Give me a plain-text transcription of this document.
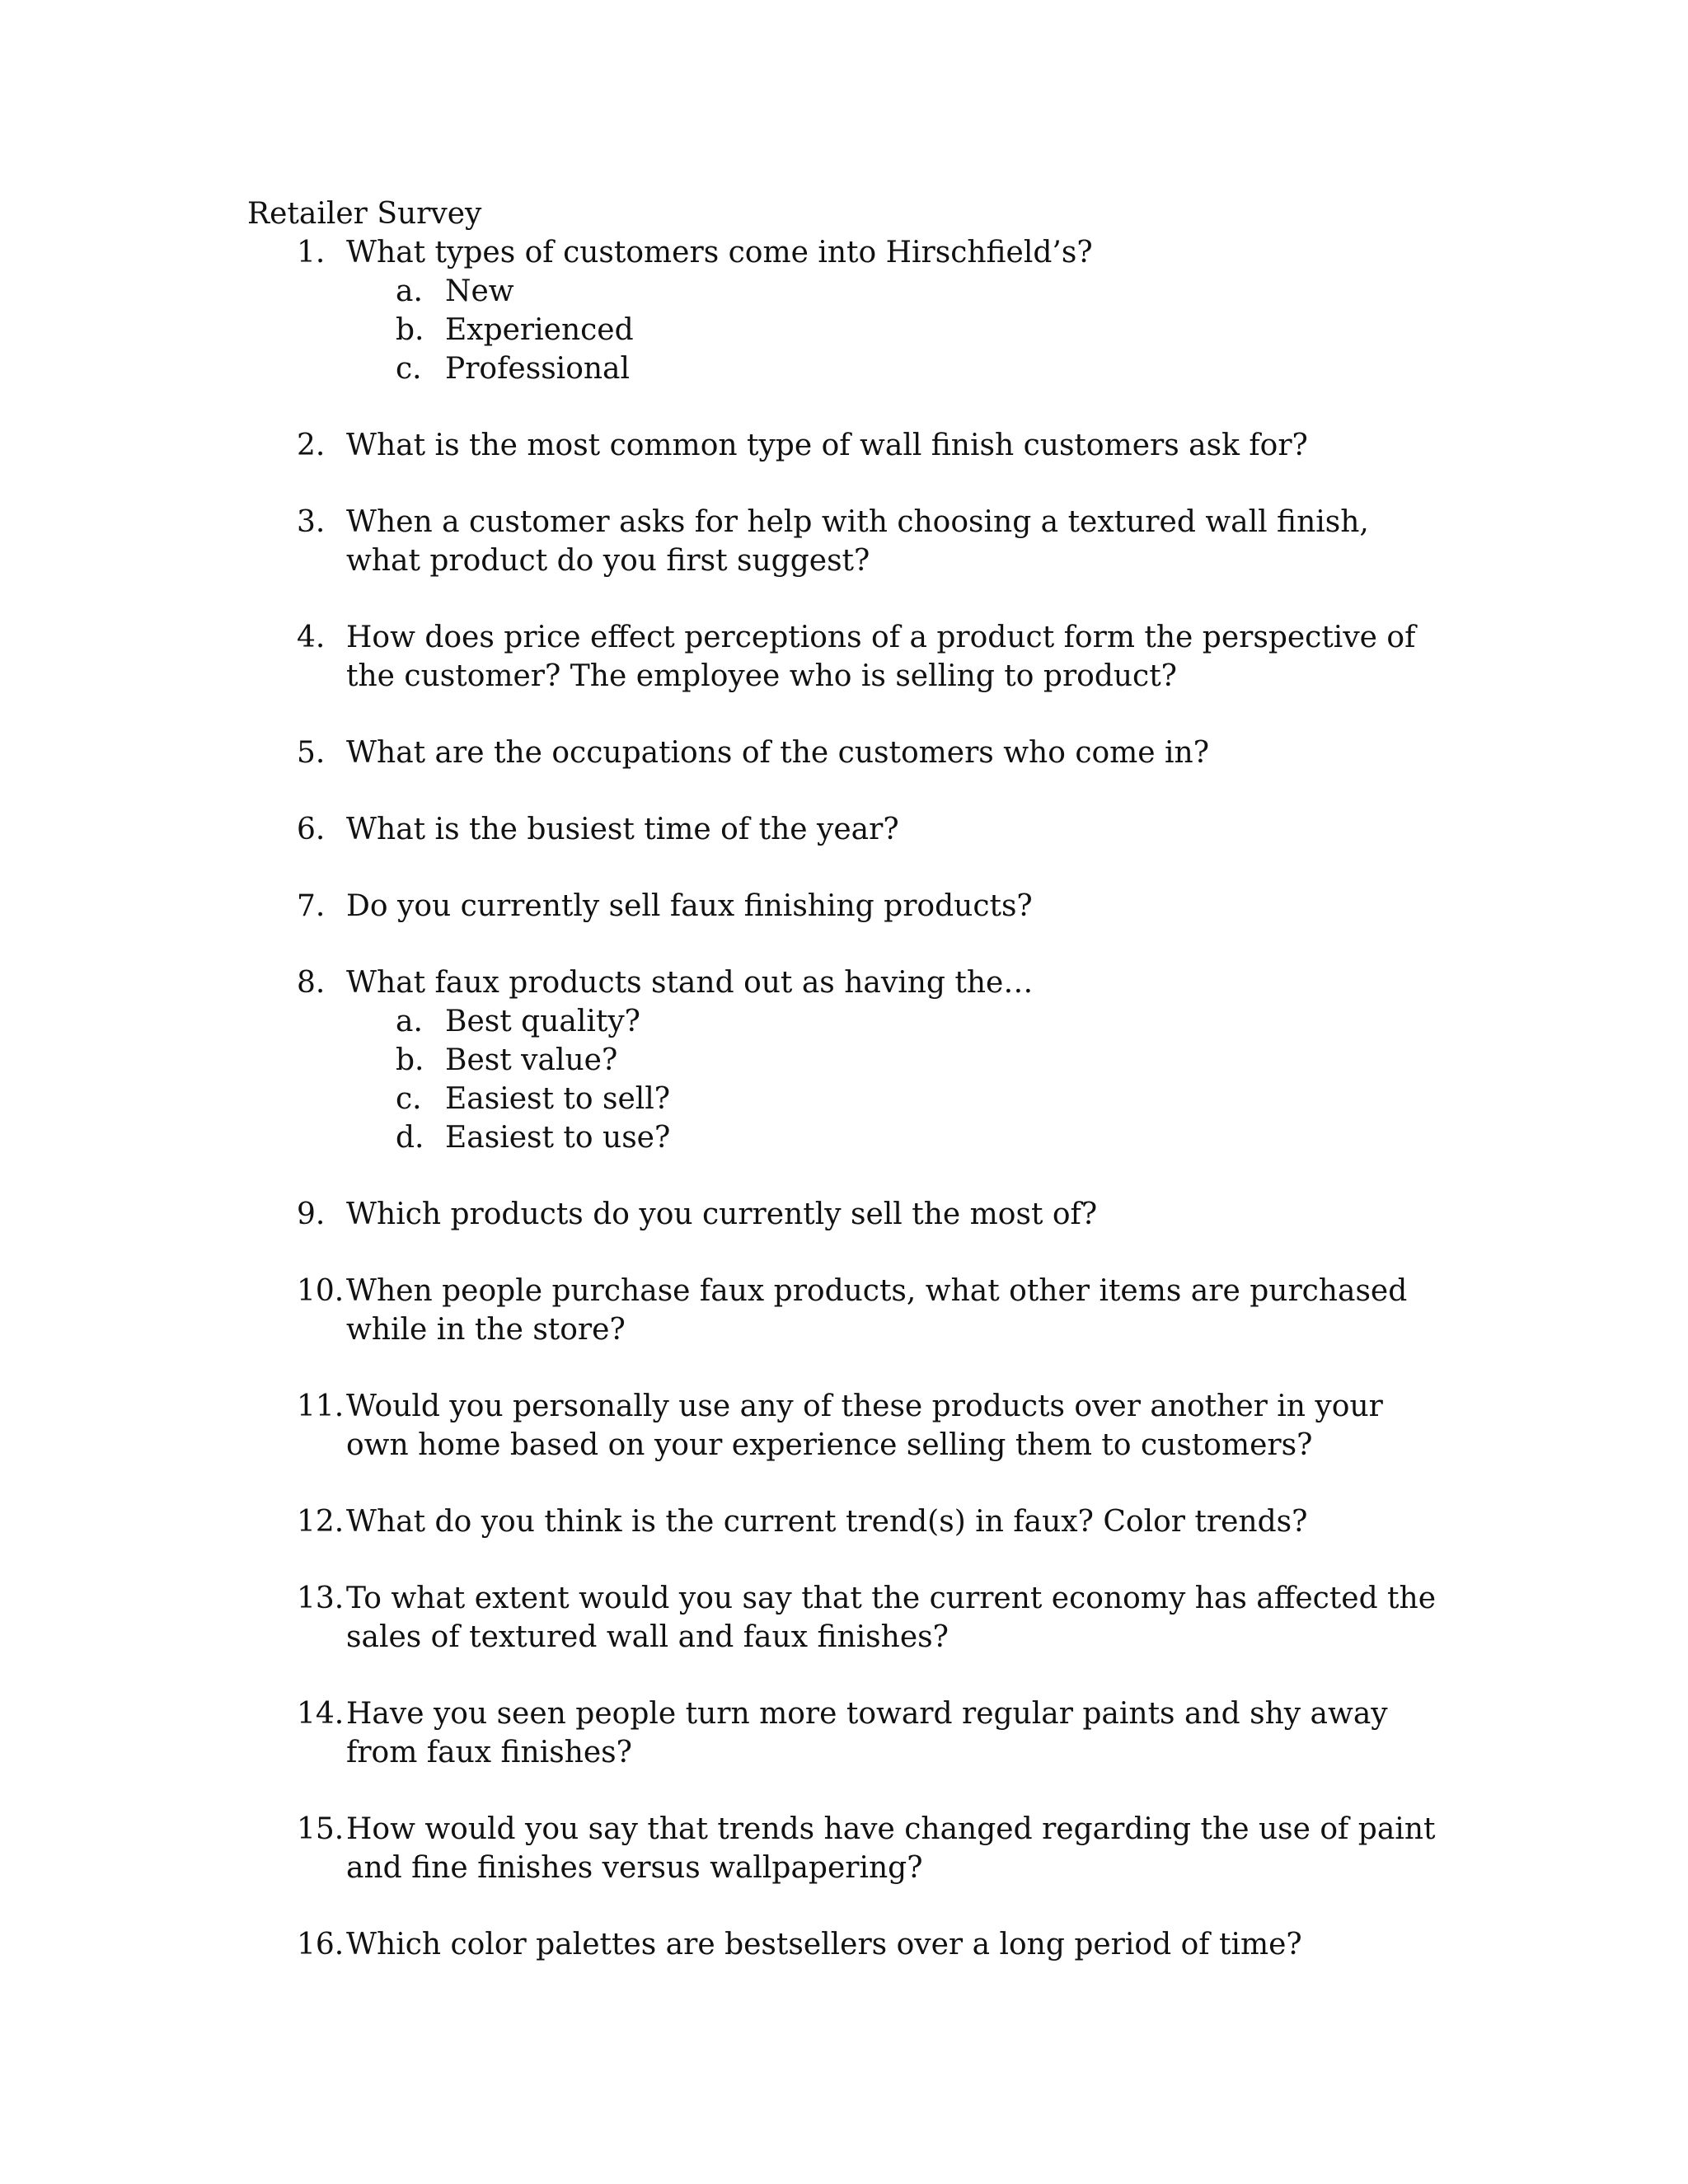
Retailer Survey
1. What types of customers come into Hirschfield’s?

a. New
b. Experienced
c. Professional
2. What is the most common type of wall finish customers ask for?

3. When a customer asks for help with choosing a textured wall finish, what product do you first suggest?

4. How does price effect perceptions of a product form the perspective of the customer? The employee who is selling to product?

5. What are the occupations of the customers who come in?

6. What is the busiest time of the year?

7. Do you currently sell faux finishing products?

8. What faux products stand out as having the…

a. Best quality?
b. Best value?
c. Easiest to sell?
d. Easiest to use?
9. Which products do you currently sell the most of?

10. When people purchase faux products, what other items are purchased while in the store?

11. Would you personally use any of these products over another in your own home based on your experience selling them to customers?

12. What do you think is the current trend(s) in faux? Color trends?

13. To what extent would you say that the current economy has affected the sales of textured wall and faux finishes?

14. Have you seen people turn more toward regular paints and shy away from faux finishes?

15. How would you say that trends have changed regarding the use of paint and fine finishes versus wallpapering?

16. Which color palettes are bestsellers over a long period of time?
